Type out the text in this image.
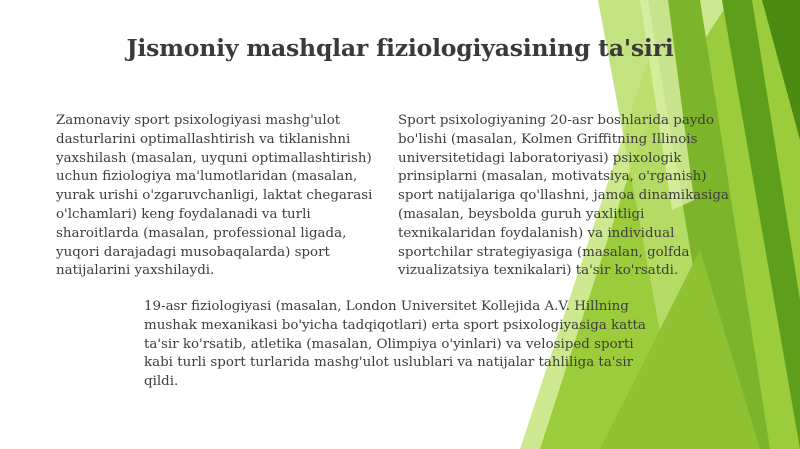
Jismoniy mashqlar fiziologiyasining ta'siri

Zamonaviy sport psixologiyasi mashg'ulot dasturlarini optimallashtirish va tiklanishni yaxshilash (masalan, uyquni optimallashtirish) uchun fiziologiya ma'lumotlaridan (masalan, yurak urishi o'zgaruvchanligi, laktat chegarasi o'lchamlari) keng foydalanadi va turli sharoitlarda (masalan, professional ligada, yuqori darajadagi musobaqalarda) sport natijalarini yaxshilaydi.

Sport psixologiyaning 20-asr boshlarida paydo bo'lishi (masalan, Kolmen Griffitning Illinois universitetidagi laboratoriyasi) psixologik prinsiplarni (masalan, motivatsiya, o'rganish) sport natijalariga qo'llashni, jamoa dinamikasiga (masalan, beysbolda guruh yaxlitligi texnikalaridan foydalanish) va individual sportchilar strategiyasiga (masalan, golfda vizualizatsiya texnikalari) ta'sir ko'rsatdi.

19-asr fiziologiyasi (masalan, London Universitet Kollejida A.V. Hillning mushak mexanikasi bo'yicha tadqiqotlari) erta sport psixologiyasiga katta ta'sir ko'rsatib, atletika (masalan, Olimpiya o'yinlari) va velosiped sporti kabi turli sport turlarida mashg'ulot uslublari va natijalar tahliliga ta'sir qildi.
